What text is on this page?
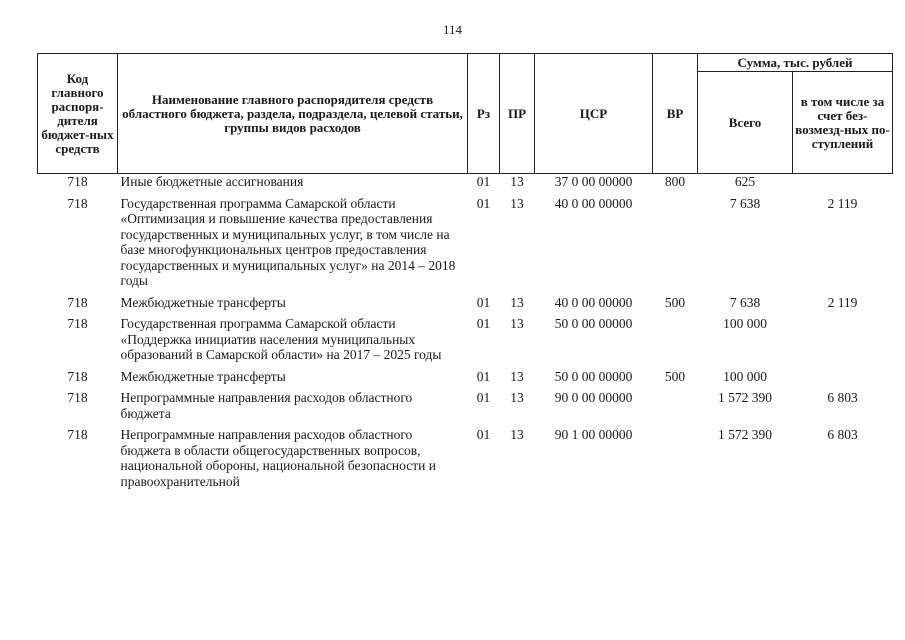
114
Код главного распоря-дителя бюджет-ных средств	Наименование главного распорядителя средств областного бюджета, раздела, подраздела, целевой статьи, группы видов расходов	Рз	ПР	ЦСР	ВР	Сумма, тыс. рублей	
						Всего	в том числе за счет без-возмезд-ных по-ступлений
718	Иные бюджетные ассигнования	01	13	37 0 00 00000	800	625	
718	Государственная программа Самарской области «Оптимизация и повышение качества предоставления государственных и муниципальных услуг, в том числе на базе многофункциональных центров предоставления государственных и муниципальных услуг» на 2014 – 2018 годы	01	13	40 0 00 00000		7 638	2 119
718	Межбюджетные трансферты	01	13	40 0 00 00000	500	7 638	2 119
718	Государственная программа Самарской области «Поддержка инициатив населения муниципальных образований в Самарской области» на 2017 – 2025 годы	01	13	50 0 00 00000		100 000	
718	Межбюджетные трансферты	01	13	50 0 00 00000	500	100 000	
718	Непрограммные направления расходов областного бюджета	01	13	90 0 00 00000		1 572 390	6 803
718	Непрограммные направления расходов областного бюджета в области общегосударственных вопросов, национальной обороны, национальной безопасности и правоохранительной	01	13	90 1 00 00000		1 572 390	6 803
